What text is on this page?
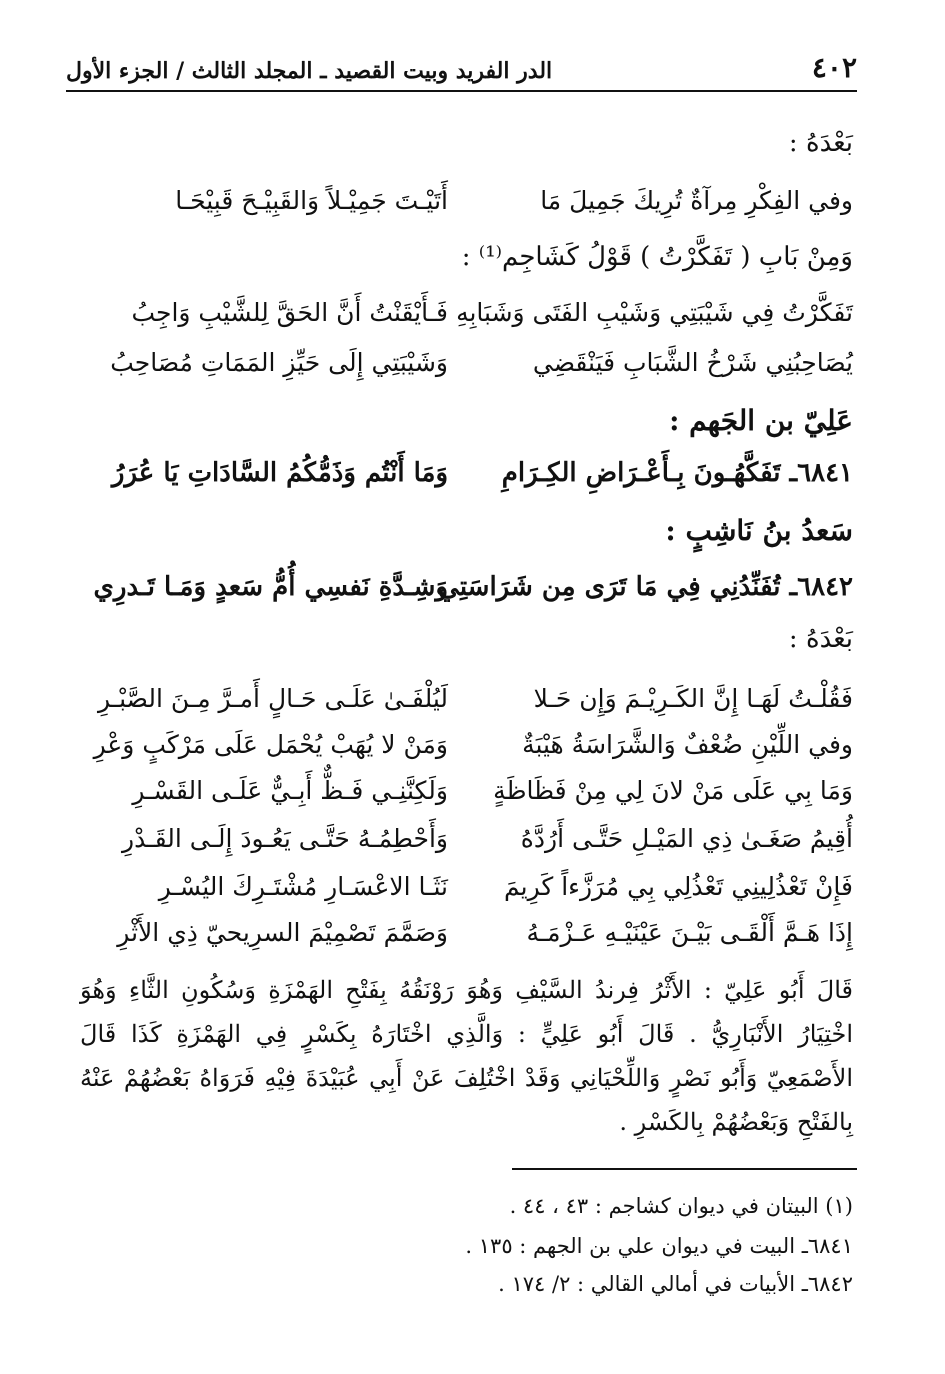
٤٠٢
الدر الفريد وبيت القصيد ـ المجلد الثالث / الجزء الأول
بَعْدَهُ :
وفي الفِكْرِ مِرآةٌ تُرِيكَ جَمِيلَ مَا
أَتَيْـتَ جَمِيْـلاً وَالقَبِيْـحَ قَبِيْحَـا
وَمِنْ بَابِ ( تَفَكَّرْتُ ) قَوْلُ كَشَاجِم⁽¹⁾ :
تَفَكَّرْتُ فِي شَيْبَتِي وَشَيْبِ الفَتَى وَشَبَابِهِ
فَـأَيْقَنْتُ أَنَّ الحَقَّ لِلشَّيْبِ وَاجِبُ
يُصَاحِبُنِي شَرْخُ الشَّبَابِ فَيَنْقَضِي
وَشَيْبَتِي إِلَى حَيِّزِ المَمَاتِ مُصَاحِبُ
عَلِيّ بن الجَهم :
٦٨٤١ـ تَفَكَّهُـونَ بِـأَعْـرَاضِ الكِـرَامِ
وَمَا أَنْتُم وَذَمُّكُمُ السَّادَاتِ يَا عُرَرُ
سَعدُ بنُ نَاشِبٍ :
٦٨٤٢ـ تُفَنِّدُنِي فِي مَا تَرَى مِن شَرَاسَتِي
وَشِـدَّةِ نَفسِي أُمُّ سَعدٍ وَمَـا تَـدرِي
بَعْدَهُ :
فَقُلْـتُ لَهَـا إِنَّ الكَـرِيْـمَ وَإِن حَـلا
لَيُلْفَـىٰ عَلَـى حَـالٍ أَمـرَّ مِـنَ الصَّبْـرِ
وفي اللِّيْنِ ضُعْفٌ وَالشَّرَاسَةُ هَيْبَةٌ
وَمَنْ لا يُهَبْ يُحْمَل عَلَى مَرْكَبٍ وَعْرِ
وَمَا بِي عَلَى مَنْ لانَ لِي مِنْ فَظَاظَةٍ
وَلَكِنَّنِـي فَـظٌّ أَبِـيٌّ عَلَـى القَسْـرِ
أُقِيمُ صَغَـىٰ ذِي المَيْـلِ حَتَّـى أَرُدَّهُ
وَأَحْطِمُـهُ حَتَّـى يَعُـودَ إِلَـى القَـدْرِ
فَإِنْ تَعْذُلِينِي تَعْذُلِي بِي مُرَزَّءاً كَرِيمَ
نَثَـا الاعْسَـارِ مُشْتَـرِكَ اليُسْـرِ
إِذَا هَـمَّ أَلْقَـى بَيْـنَ عَيْنَيْـهِ عَـزْمَـهُ
وَصَمَّمَ تَصْمِيْمَ السرِيحيّ ذِي الأَثْرِ
قَالَ أَبُو عَلِيّ : الأَثْرُ فِرندُ السَّيْفِ وَهُوَ رَوْنَقُهُ بِفَتْحِ الهَمْزَةِ وَسُكُونِ الثَّاءِ وَهُوَ اخْتِيَارُ الأَنْبَارِيُّ . قَالَ أَبُو عَلِيٍّ : وَالَّذِي اخْتَارَهُ بِكَسْرٍ فِي الهَمْزَةِ كَذَا قَالَ الأَصْمَعِيّ وَأَبُو نَصْرٍ وَاللِّحْيَانِي وَقَدْ اخْتُلِفَ عَنْ أَبِي عُبَيْدَةَ فِيْهِ فَرَوَاهُ بَعْضُهُمْ عَنْهُ بِالفَتْحِ وَبَعْضُهُمْ بِالكَسْرِ .
(١) البيتان في ديوان كشاجم : ٤٣ ، ٤٤ .
٦٨٤١ـ البيت في ديوان علي بن الجهم : ١٣٥ .
٦٨٤٢ـ الأبيات في أمالي القالي : ٢/ ١٧٤ .
